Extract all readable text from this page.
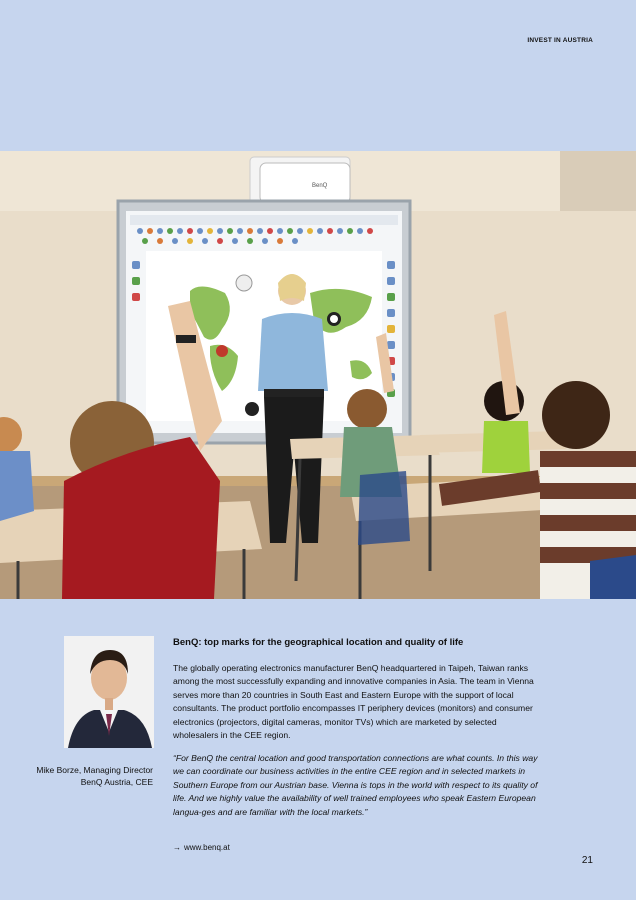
INVEST IN AUSTRIA
BenQ
Mike Borze, Managing Director
BenQ Austria, CEE
BenQ: top marks for the geographical location and quality of life

The globally operating electronics manufacturer BenQ headquartered in Taipeh, Taiwan ranks among the most successfully expanding and innovative companies in Asia. The team in Vienna serves more than 20 countries in South East and Eastern Europe with the support of local consultants. The product portfolio encompasses IT periphery devices (monitors) and consumer electronics (projectors, digital cameras, monitor TVs) which are marketed by selected wholesalers in the CEE region.

“For BenQ the central location and good transportation connections are what counts. In this way we can coordinate our business activities in the entire CEE region and in selected markets in Southern Europe from our Austrian base. Vienna is tops in the world with respect to its quality of life. And we highly value the availability of well trained employees who speak Eastern European langua-ges and are familiar with the local markets.”

→ www.benq.at
21
